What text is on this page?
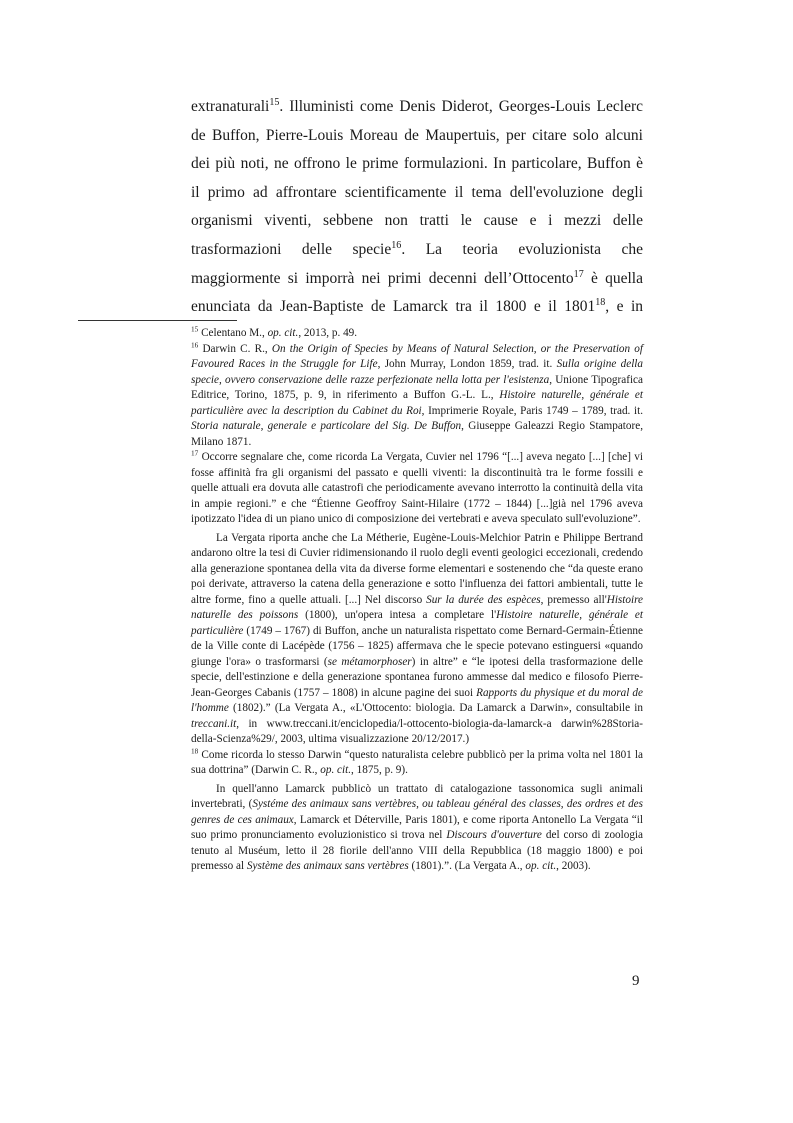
extranaturali$^{15}$. Illuministi come Denis Diderot, Georges-Louis Leclerc
de Buffon, Pierre-Louis Moreau de Maupertuis, per citare solo alcuni
dei più noti, ne offrono le prime formulazioni. In particolare, Buffon è
il primo ad affrontare scientificamente il tema dell'evoluzione degli
organismi viventi, sebbene non tratti le cause e i mezzi delle
trasformazioni delle specie$^{16}$. La teoria evoluzionista che
maggiormente si imporrà nei primi decenni dell’Ottocento$^{17}$ è quella
enunciata da Jean-Baptiste de Lamarck tra il 1800 e il 1801$^{18}$, e in

$^{15}$ Celentano M., op. cit., 2013, p. 49.

$^{16}$ Darwin C. R., On the Origin of Species by Means of Natural Selection, or the Preservation of Favoured Races in the Struggle for Life, John Murray, London 1859, trad. it. Sulla origine della specie, ovvero conservazione delle razze perfezionate nella lotta per l'esistenza, Unione Tipografica Editrice, Torino, 1875, p. 9, in riferimento a Buffon G.-L. L., Histoire naturelle, générale et particulière avec la description du Cabinet du Roi, Imprimerie Royale, Paris 1749 – 1789, trad. it. Storia naturale, generale e particolare del Sig. De Buffon, Giuseppe Galeazzi Regio Stampatore, Milano 1871.

$^{17}$ Occorre segnalare che, come ricorda La Vergata, Cuvier nel 1796 “[...] aveva negato [...] [che] vi fosse affinità fra gli organismi del passato e quelli viventi: la discontinuità tra le forme fossili e quelle attuali era dovuta alle catastrofi che periodicamente avevano interrotto la continuità della vita in ampie regioni.” e che “Étienne Geoffroy Saint-Hilaire (1772 – 1844) [...]già nel 1796 aveva ipotizzato l'idea di un piano unico di composizione dei vertebrati e aveva speculato sull'evoluzione”.

La Vergata riporta anche che La Métherie, Eugène-Louis-Melchior Patrin e Philippe Bertrand andarono oltre la tesi di Cuvier ridimensionando il ruolo degli eventi geologici eccezionali, credendo alla generazione spontanea della vita da diverse forme elementari e sostenendo che “da queste erano poi derivate, attraverso la catena della generazione e sotto l'influenza dei fattori ambientali, tutte le altre forme, fino a quelle attuali. [...] Nel discorso Sur la durée des espèces, premesso all'Histoire naturelle des poissons (1800), un'opera intesa a completare l'Histoire naturelle, générale et particulière (1749 – 1767) di Buffon, anche un naturalista rispettato come Bernard-Germain-Étienne de la Ville conte di Lacépède (1756 – 1825) affermava che le specie potevano estinguersi «quando giunge l'ora» o trasformarsi (se métamorphoser) in altre” e “le ipotesi della trasformazione delle specie, dell'estinzione e della generazione spontanea furono ammesse dal medico e filosofo Pierre-Jean-Georges Cabanis (1757 – 1808) in alcune pagine dei suoi Rapports du physique et du moral de l'homme (1802).” (La Vergata A., «L'Ottocento: biologia. Da Lamarck a Darwin», consultabile in treccani.it, in www.treccani.it/enciclopedia/l-ottocento-biologia-da-lamarck-a darwin%28Storia-della-Scienza%29/, 2003, ultima visualizzazione 20/12/2017.)

$^{18}$ Come ricorda lo stesso Darwin “questo naturalista celebre pubblicò per la prima volta nel 1801 la sua dottrina” (Darwin C. R., op. cit., 1875, p. 9).

In quell'anno Lamarck pubblicò un trattato di catalogazione tassonomica sugli animali invertebrati, (Systéme des animaux sans vertèbres, ou tableau général des classes, des ordres et des genres de ces animaux, Lamarck et Déterville, Paris 1801), e come riporta Antonello La Vergata “il suo primo pronunciamento evoluzionistico si trova nel Discours d'ouverture del corso di zoologia tenuto al Muséum, letto il 28 fiorile dell'anno VIII della Repubblica (18 maggio 1800) e poi premesso al Système des animaux sans vertèbres (1801).”. (La Vergata A., op. cit., 2003).

9
